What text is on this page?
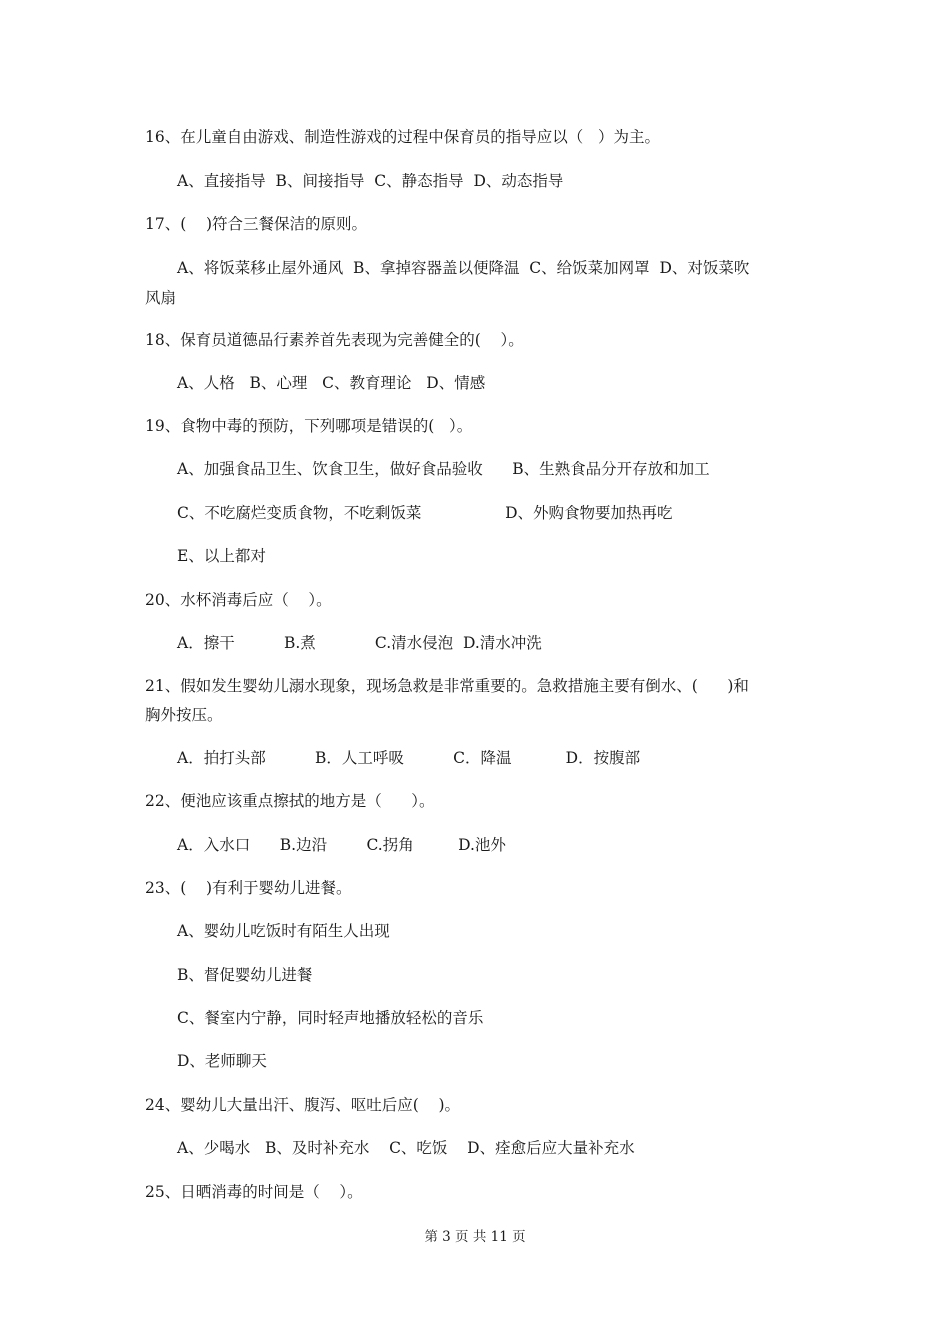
16、在儿童自由游戏、制造性游戏的过程中保育员的指导应以（   ）为主。
A、直接指导  B、间接指导  C、静态指导  D、动态指导
17、(    )符合三餐保洁的原则。
A、将饭菜移止屋外通风  B、拿掉容器盖以便降温  C、给饭菜加网罩  D、对饭菜吹
风扇
18、保育员道德品行素养首先表现为完善健全的(    ）。
A、人格   B、心理   C、教育理论   D、情感
19、食物中毒的预防，下列哪项是错误的(   ）。
A、加强食品卫生、饮食卫生，做好食品验收      B、生熟食品分开存放和加工
C、不吃腐烂变质食物，不吃剩饭菜                 D、外购食物要加热再吃
E、以上都对
20、水杯消毒后应（    ）。
A．擦干          B.煮            C.清水侵泡  D.清水冲洗
21、假如发生婴幼儿溺水现象，现场急救是非常重要的。急救措施主要有倒水、(      )和
胸外按压。
A．拍打头部          B．人工呼吸          C．降温           D．按腹部
22、便池应该重点擦拭的地方是（      ）。
A．入水口      B.边沿        C.拐角         D.池外
23、(    )有利于婴幼儿进餐。
A、婴幼儿吃饭时有陌生人出现
B、督促婴幼儿进餐
C、餐室内宁静，同时轻声地播放轻松的音乐
D、老师聊天
24、婴幼儿大量出汗、腹泻、呕吐后应(    )。
A、少喝水   B、及时补充水    C、吃饭    D、痊愈后应大量补充水
25、日晒消毒的时间是（    ）。
第 3 页 共 11 页
